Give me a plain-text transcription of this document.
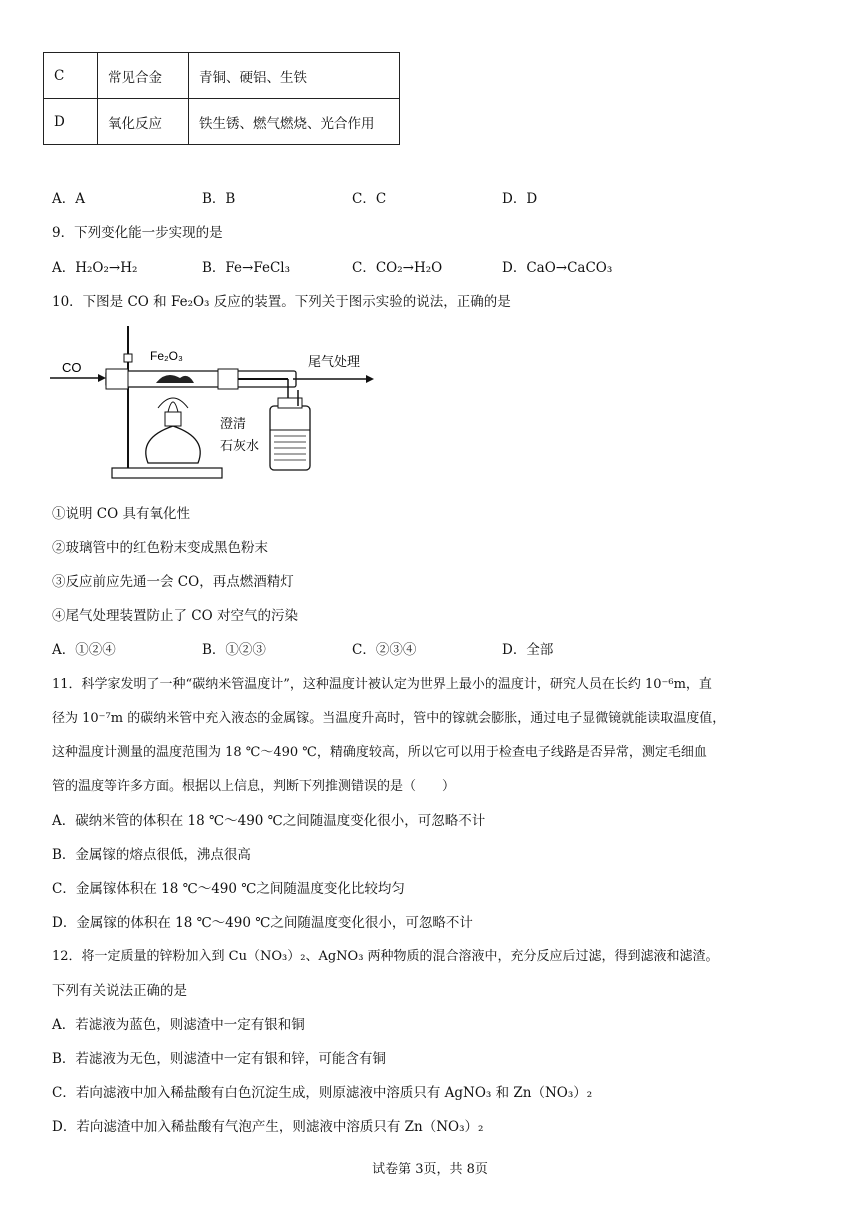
C	常见合金	青铜、硬铝、生铁
D	氧化反应	铁生锈、燃气燃烧、光合作用
A．A	B．B	C．C	D．D
9．下列变化能一步实现的是
A．H₂O₂→H₂	B．Fe→FeCl₃	C．CO₂→H₂O	D．CaO→CaCO₃
10．下图是 CO 和 Fe₂O₃ 反应的装置。下列关于图示实验的说法，正确的是
CO
Fe₂O₃	尾气处理
澄清
石灰水
①说明 CO 具有氧化性
②玻璃管中的红色粉末变成黑色粉末
③反应前应先通一会 CO，再点燃酒精灯
④尾气处理装置防止了 CO 对空气的污染
A．①②④	B．①②③	C．②③④	D．全部
11．科学家发明了一种“碳纳米管温度计”，这种温度计被认定为世界上最小的温度计，研究人员在长约 10⁻⁶m，直
径为 10⁻⁷m 的碳纳米管中充入液态的金属镓。当温度升高时，管中的镓就会膨胀，通过电子显微镜就能读取温度值，
这种温度计测量的温度范围为 18 ℃～490 ℃，精确度较高，所以它可以用于检查电子线路是否异常，测定毛细血
管的温度等许多方面。根据以上信息，判断下列推测错误的是（　　）
A．碳纳米管的体积在 18 ℃～490 ℃之间随温度变化很小，可忽略不计
B．金属镓的熔点很低，沸点很高
C．金属镓体积在 18 ℃～490 ℃之间随温度变化比较均匀
D．金属镓的体积在 18 ℃～490 ℃之间随温度变化很小，可忽略不计
12．将一定质量的锌粉加入到 Cu（NO₃）₂、AgNO₃ 两种物质的混合溶液中，充分反应后过滤，得到滤液和滤渣。
下列有关说法正确的是
A．若滤液为蓝色，则滤渣中一定有银和铜
B．若滤液为无色，则滤渣中一定有银和锌，可能含有铜
C．若向滤液中加入稀盐酸有白色沉淀生成，则原滤液中溶质只有 AgNO₃ 和 Zn（NO₃）₂
D．若向滤渣中加入稀盐酸有气泡产生，则滤液中溶质只有 Zn（NO₃）₂
试卷第 3页，共 8页
